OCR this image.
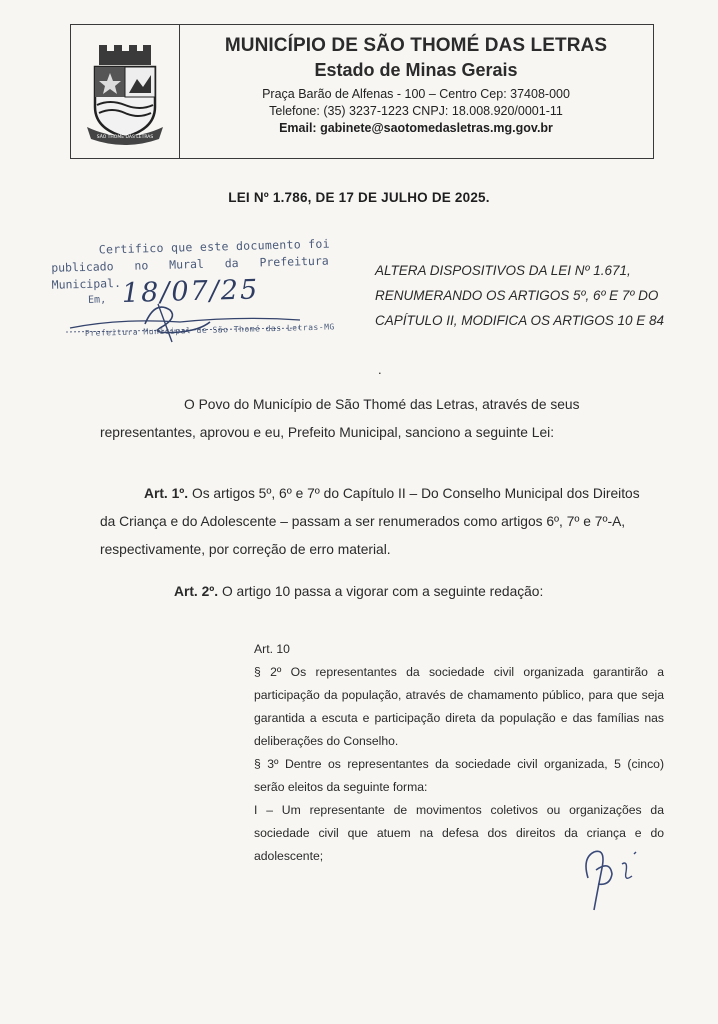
SÃO THOMÉ DAS LETRAS
MUNICÍPIO DE SÃO THOMÉ DAS LETRAS
Estado de Minas Gerais
Praça Barão de Alfenas - 100 – Centro Cep: 37408-000
Telefone: (35) 3237-1223 CNPJ: 18.008.920/0001-11
Email: gabinete@saotomedasletras.mg.gov.br
LEI Nº 1.786, DE 17 DE JULHO DE 2025.
Certifico que este documento foi
publicado no Mural da Prefeitura
Municipal.
Em, 18/07/25
Prefeitura Municipal de São Thomé das Letras-MG
ALTERA DISPOSITIVOS DA LEI Nº 1.671, RENUMERANDO OS ARTIGOS 5º, 6º E 7º DO CAPÍTULO II, MODIFICA OS ARTIGOS 10 E 84
.
O Povo do Município de São Thomé das Letras, através de seus representantes, aprovou e eu, Prefeito Municipal, sanciono a seguinte Lei:
Art. 1º. Os artigos 5º, 6º e 7º do Capítulo II – Do Conselho Municipal dos Direitos da Criança e do Adolescente – passam a ser renumerados como artigos 6º, 7º e 7º-A, respectivamente, por correção de erro material.
Art. 2º. O artigo 10 passa a vigorar com a seguinte redação:
Art. 10
§ 2º Os representantes da sociedade civil organizada garantirão a participação da população, através de chamamento público, para que seja garantida a escuta e participação direta da população e das famílias nas deliberações do Conselho.
§ 3º Dentre os representantes da sociedade civil organizada, 5 (cinco) serão eleitos da seguinte forma:
I – Um representante de movimentos coletivos ou organizações da sociedade civil que atuem na defesa dos direitos da criança e do adolescente;
